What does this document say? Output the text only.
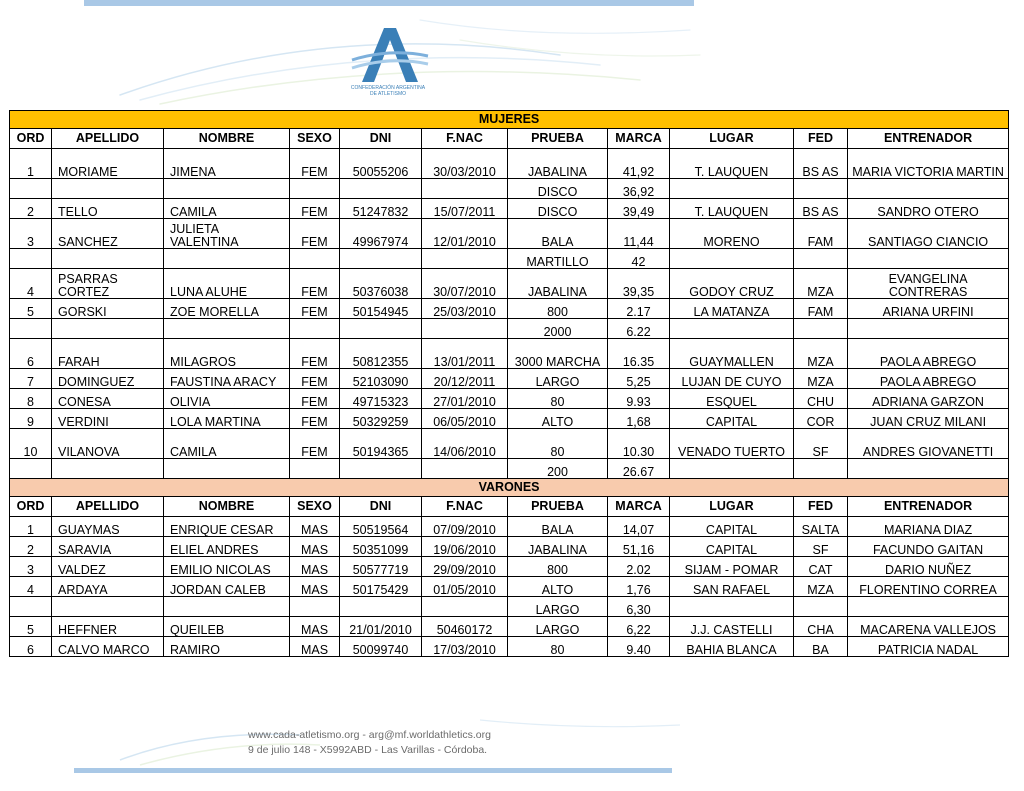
CONFEDERACIÓN ARGENTINA
DE ATLETISMO
MUJERES										
ORD	APELLIDO	NOMBRE	SEXO	DNI	F.NAC	PRUEBA	MARCA	LUGAR	FED	ENTRENADOR
1	MORIAME	JIMENA	FEM	50055206	30/03/2010	JABALINA	41,92	T. LAUQUEN	BS AS	MARIA VICTORIA MARTIN
						DISCO	36,92			
2	TELLO	CAMILA	FEM	51247832	15/07/2011	DISCO	39,49	T. LAUQUEN	BS AS	SANDRO OTERO
3	SANCHEZ	JULIETA VALENTINA	FEM	49967974	12/01/2010	BALA	11,44	MORENO	FAM	SANTIAGO CIANCIO
						MARTILLO	42			
4	PSARRAS CORTEZ	LUNA ALUHE	FEM	50376038	30/07/2010	JABALINA	39,35	GODOY CRUZ	MZA	EVANGELINA CONTRERAS
5	GORSKI	ZOE MORELLA	FEM	50154945	25/03/2010	800	2.17	LA MATANZA	FAM	ARIANA URFINI
						2000	6.22			
6	FARAH	MILAGROS	FEM	50812355	13/01/2011	3000 MARCHA	16.35	GUAYMALLEN	MZA	PAOLA ABREGO
7	DOMINGUEZ	FAUSTINA ARACY	FEM	52103090	20/12/2011	LARGO	5,25	LUJAN DE CUYO	MZA	PAOLA ABREGO
8	CONESA	OLIVIA	FEM	49715323	27/01/2010	80	9.93	ESQUEL	CHU	ADRIANA GARZON
9	VERDINI	LOLA MARTINA	FEM	50329259	06/05/2010	ALTO	1,68	CAPITAL	COR	JUAN CRUZ MILANI
10	VILANOVA	CAMILA	FEM	50194365	14/06/2010	80	10.30	VENADO TUERTO	SF	ANDRES GIOVANETTI
						200	26.67			
VARONES										
ORD	APELLIDO	NOMBRE	SEXO	DNI	F.NAC	PRUEBA	MARCA	LUGAR	FED	ENTRENADOR
1	GUAYMAS	ENRIQUE CESAR	MAS	50519564	07/09/2010	BALA	14,07	CAPITAL	SALTA	MARIANA DIAZ
2	SARAVIA	ELIEL ANDRES	MAS	50351099	19/06/2010	JABALINA	51,16	CAPITAL	SF	FACUNDO GAITAN
3	VALDEZ	EMILIO NICOLAS	MAS	50577719	29/09/2010	800	2.02	SIJAM - POMAR	CAT	DARIO NUÑEZ
4	ARDAYA	JORDAN CALEB	MAS	50175429	01/05/2010	ALTO	1,76	SAN RAFAEL	MZA	FLORENTINO CORREA
						LARGO	6,30			
5	HEFFNER	QUEILEB	MAS	21/01/2010	50460172	LARGO	6,22	J.J. CASTELLI	CHA	MACARENA VALLEJOS
6	CALVO MARCO	RAMIRO	MAS	50099740	17/03/2010	80	9.40	BAHIA BLANCA	BA	PATRICIA NADAL
www.cada-atletismo.org - arg@mf.worldathletics.org
9 de julio 148 - X5992ABD - Las Varillas - Córdoba.
